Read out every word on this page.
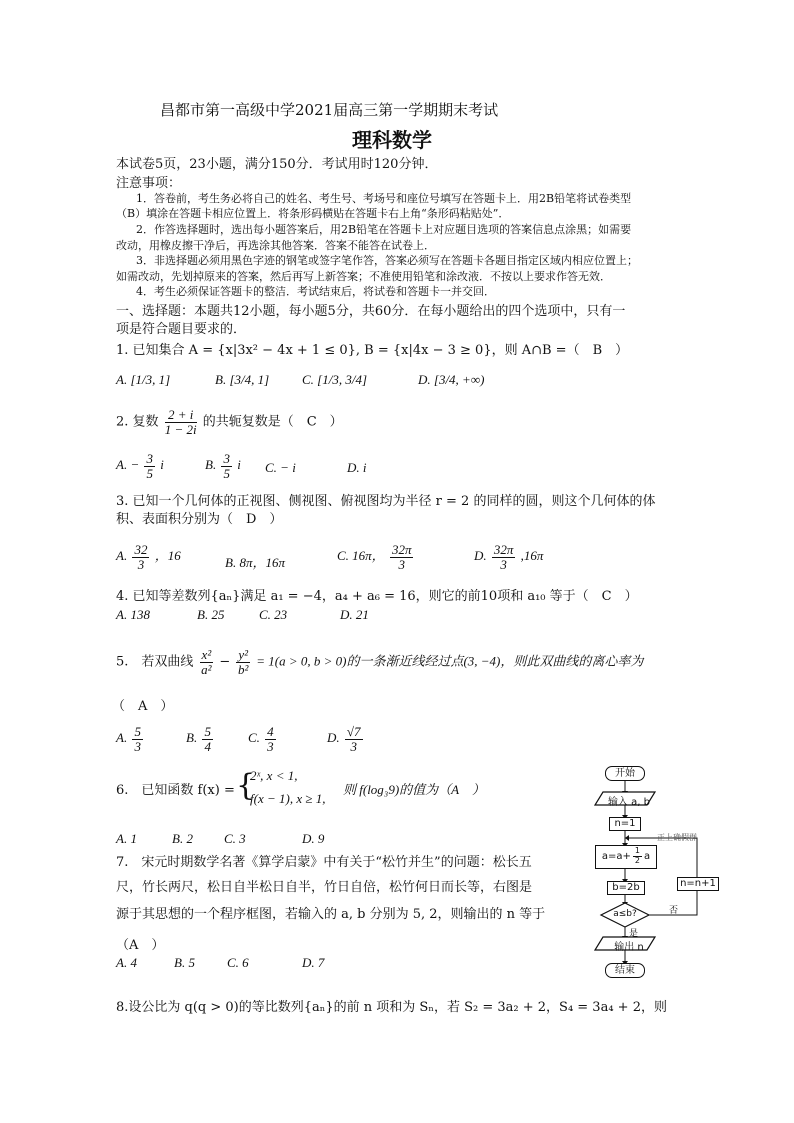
昌都市第一高级中学2021届高三第一学期期末考试
理科数学
本试卷5页，23小题，满分150分．考试用时120分钟．
注意事项：
1．答卷前，考生务必将自己的姓名、考生号、考场号和座位号填写在答题卡上．用2B铅笔将试卷类型
（B）填涂在答题卡相应位置上．将条形码横贴在答题卡右上角“条形码粘贴处”．
2．作答选择题时，选出每小题答案后，用2B铅笔在答题卡上对应题目选项的答案信息点涂黑；如需要
改动，用橡皮擦干净后，再选涂其他答案．答案不能答在试卷上．
3．非选择题必须用黑色字迹的钢笔或签字笔作答，答案必须写在答题卡各题目指定区域内相应位置上；
如需改动，先划掉原来的答案，然后再写上新答案；不准使用铅笔和涂改液．不按以上要求作答无效．
4．考生必须保证答题卡的整洁．考试结束后，将试卷和答题卡一并交回．
一、选择题：本题共12小题，每小题5分，共60分．在每小题给出的四个选项中，只有一
项是符合题目要求的．
1. 已知集合 A = {x|3x² − 4x + 1 ≤ 0}, B = {x|4x − 3 ≥ 0}，则 A∩B =（　B　）
A. [1/3, 1]	B. [3/4, 1]	C. [1/3, 3/4]	D. [3/4, +∞)
2. 复数 $\frac{2 + i}{1 - 2i}$ 的共轭复数是（　C　）
A. − $\frac{3}{5}$ i	B. $\frac{3}{5}$ i C. − i	D. i
3. 已知一个几何体的正视图、侧视图、俯视图均为半径 r = 2 的同样的圆，则这个几何体的体
积、表面积分别为（　D　）
A. $\frac{32}{3}$ ，16	B. 8π，16π	C. 16π， $\frac{32\pi}{3}$	D. $\frac{32\pi}{3} ,16\pi$
4. 已知等差数列{aₙ}满足 a₁ = −4，a₄ + a₆ = 16，则它的前10项和 a₁₀ 等于（　C　）
A. 138	B. 25	C. 23	D. 21
5.　若双曲线 $\frac{\text{x²}}{\text{a²}} - \frac{\text{y²}}{\text{b²}} = 1(a > 0$, b > 0)的一条渐近线经过点(3, −4)，则此双曲线的离心率为
（　A　）
A. $\frac{5}{3}$	B. $\frac{5}{4}$	C. $\frac{4}{3}$	D. $\frac{√7}{3}$
6.　已知函数 f(x) = {
2ˣ, x < 1,
f(x − 1), x ≥ 1,
则 f(log₃9)的值为（A　）
A. 1	B. 2 C. 3	D. 9
7.　宋元时期数学名著《算学启蒙》中有关于“松竹并生”的问题：松长五
尺，竹长两尺，松日自半松日自半，竹日自倍，松竹何日而长等，右图是
源于其思想的一个程序框图，若输入的 a, b 分别为 5, 2，则输出的 n 等于
（A　）
A. 4	B. 5 C. 6	D. 7
8.设公比为 q(q > 0)的等比数列{aₙ}的前 n 项和为 Sₙ，若 S₂ = 3a₂ + 2，S₄ = 3a₄ + 2，则
开始
输入 a, b
n=1
$a=a+ \frac{1}{2}$ a
b=2b
a≤b?
是
否
n=n+1
输出 n
结束
正上确假群
